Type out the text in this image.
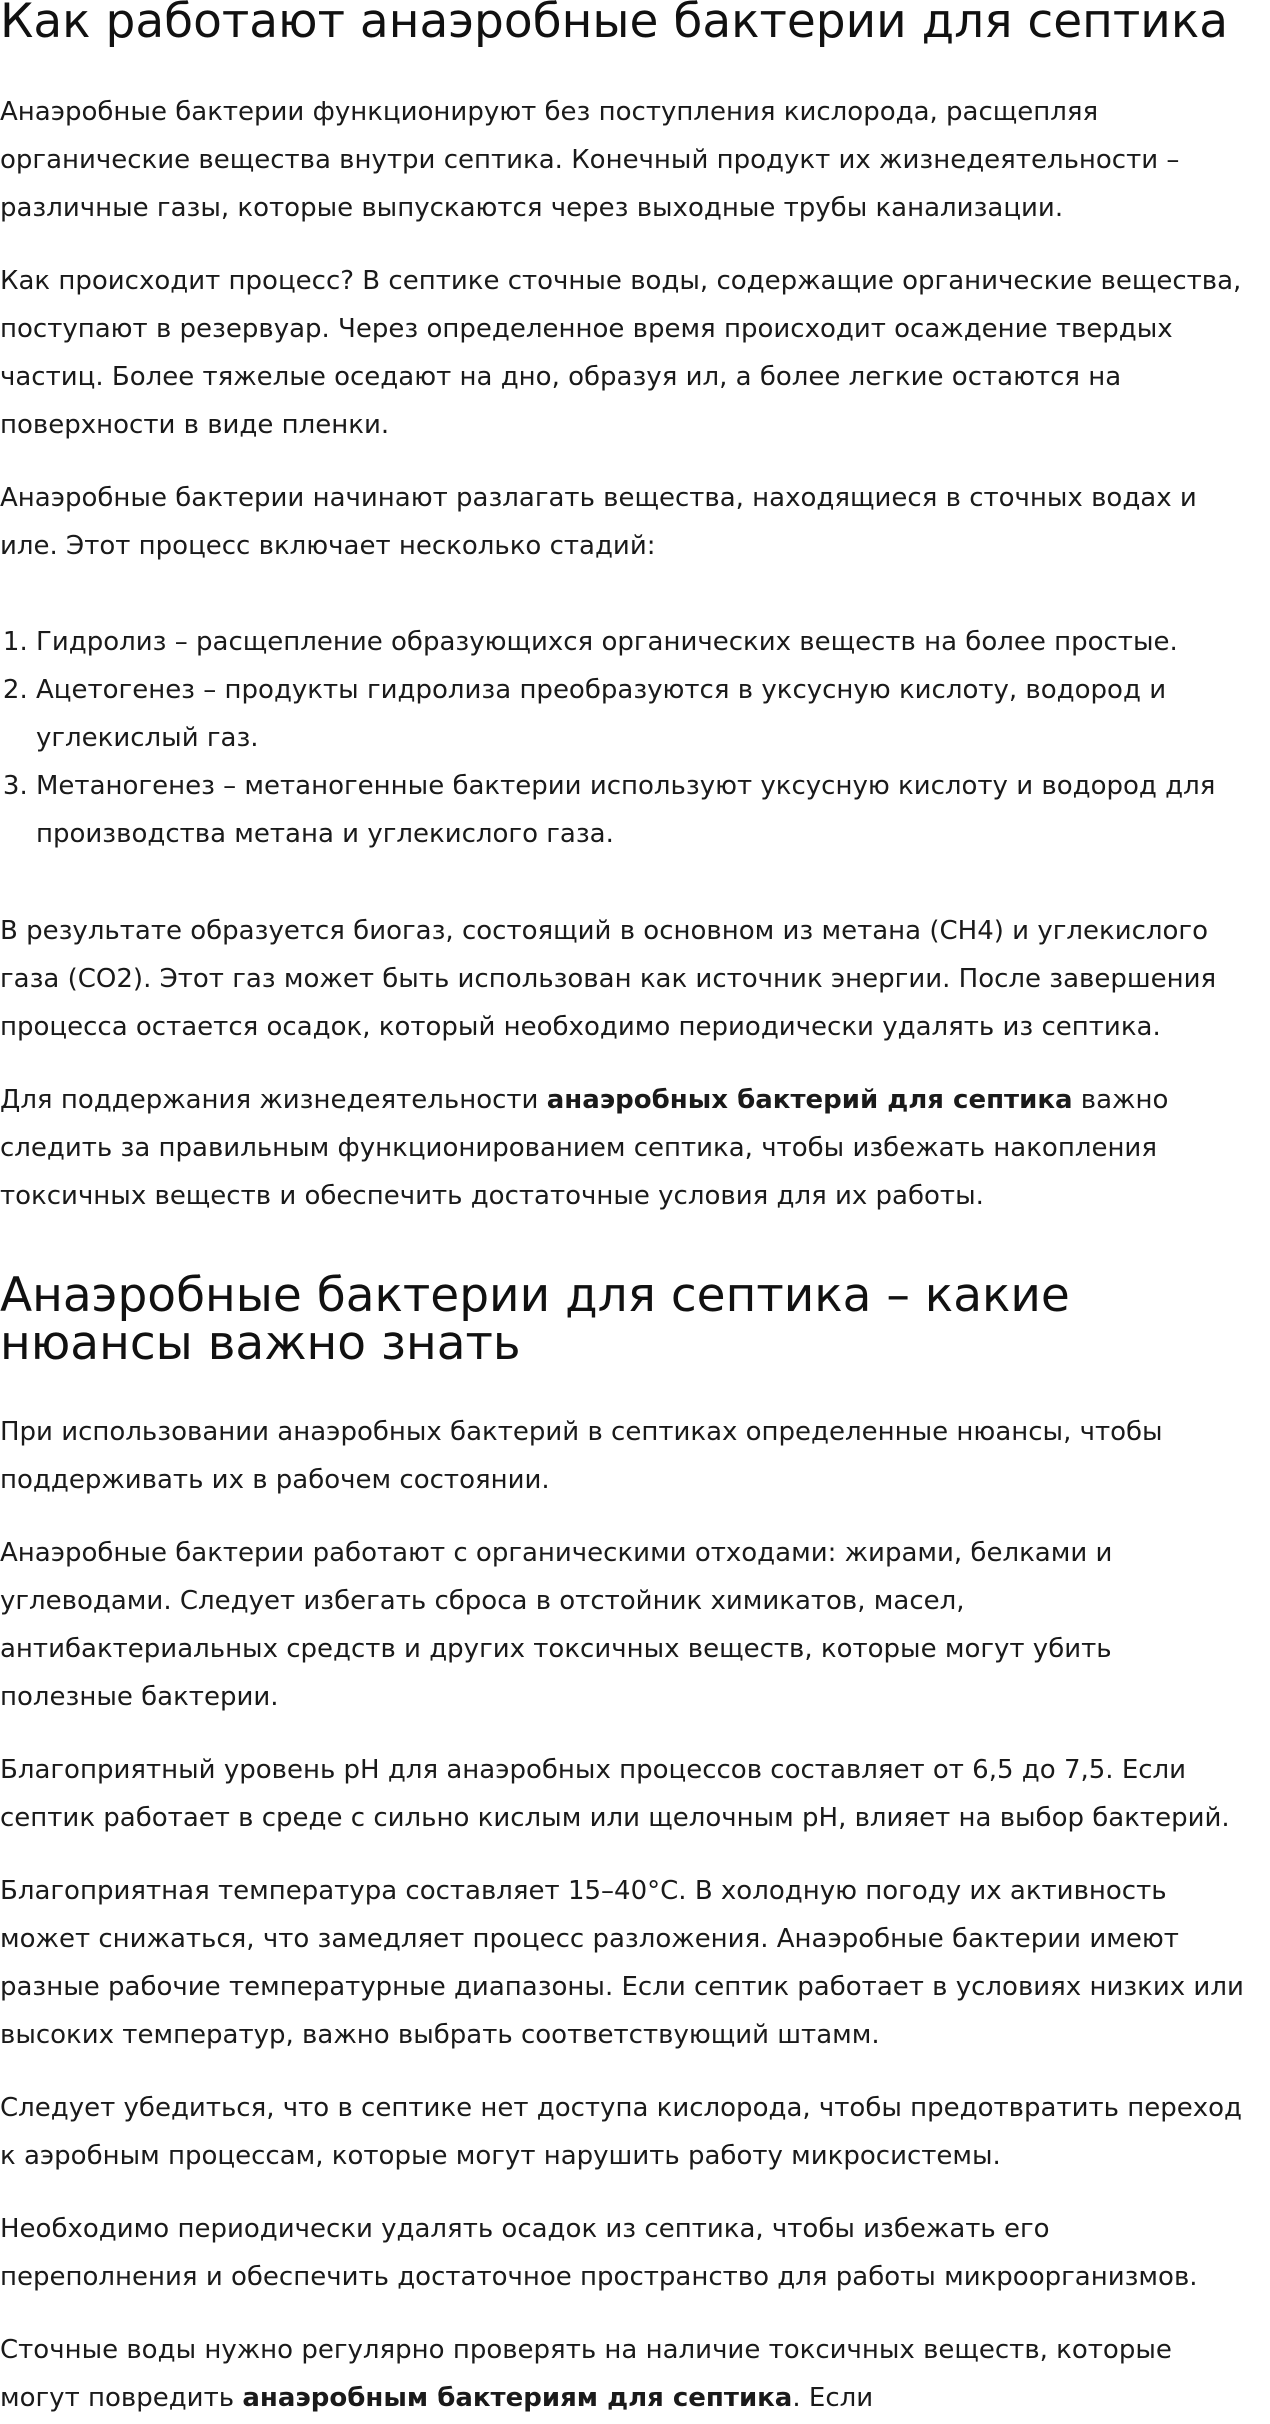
Как работают анаэробные бактерии для септика

Анаэробные бактерии функционируют без поступления кислорода, расщепляя органические вещества внутри септика. Конечный продукт их жизнедеятельности – различные газы, которые выпускаются через выходные трубы канализации.

Как происходит процесс? В септике сточные воды, содержащие органические вещества, поступают в резервуар. Через определенное время происходит осаждение твердых частиц. Более тяжелые оседают на дно, образуя ил, а более легкие остаются на поверхности в виде пленки.

Анаэробные бактерии начинают разлагать вещества, находящиеся в сточных водах и иле. Этот процесс включает несколько стадий:

1. Гидролиз – расщепление образующихся органических веществ на более простые.
2. Ацетогенез – продукты гидролиза преобразуются в уксусную кислоту, водород и углекислый газ.
3. Метаногенез – метаногенные бактерии используют уксусную кислоту и водород для производства метана и углекислого газа.

В результате образуется биогаз, состоящий в основном из метана (CH4) и углекислого газа (CO2). Этот газ может быть использован как источник энергии. После завершения процесса остается осадок, который необходимо периодически удалять из септика.

Для поддержания жизнедеятельности анаэробных бактерий для септика важно следить за правильным функционированием септика, чтобы избежать накопления токсичных веществ и обеспечить достаточные условия для их работы.

Анаэробные бактерии для септика – какие нюансы важно знать

При использовании анаэробных бактерий в септиках определенные нюансы, чтобы поддерживать их в рабочем состоянии.

Анаэробные бактерии работают с органическими отходами: жирами, белками и углеводами. Следует избегать сброса в отстойник химикатов, масел, антибактериальных средств и других токсичных веществ, которые могут убить полезные бактерии.

Благоприятный уровень pH для анаэробных процессов составляет от 6,5 до 7,5. Если септик работает в среде с сильно кислым или щелочным pH, влияет на выбор бактерий.

Благоприятная температура составляет 15–40°C. В холодную погоду их активность может снижаться, что замедляет процесс разложения. Анаэробные бактерии имеют разные рабочие температурные диапазоны. Если септик работает в условиях низких или высоких температур, важно выбрать соответствующий штамм.

Следует убедиться, что в септике нет доступа кислорода, чтобы предотвратить переход к аэробным процессам, которые могут нарушить работу микросистемы.

Необходимо периодически удалять осадок из септика, чтобы избежать его переполнения и обеспечить достаточное пространство для работы микроорганизмов.

Сточные воды нужно регулярно проверять на наличие токсичных веществ, которые могут повредить анаэробным бактериям для септика. Если
